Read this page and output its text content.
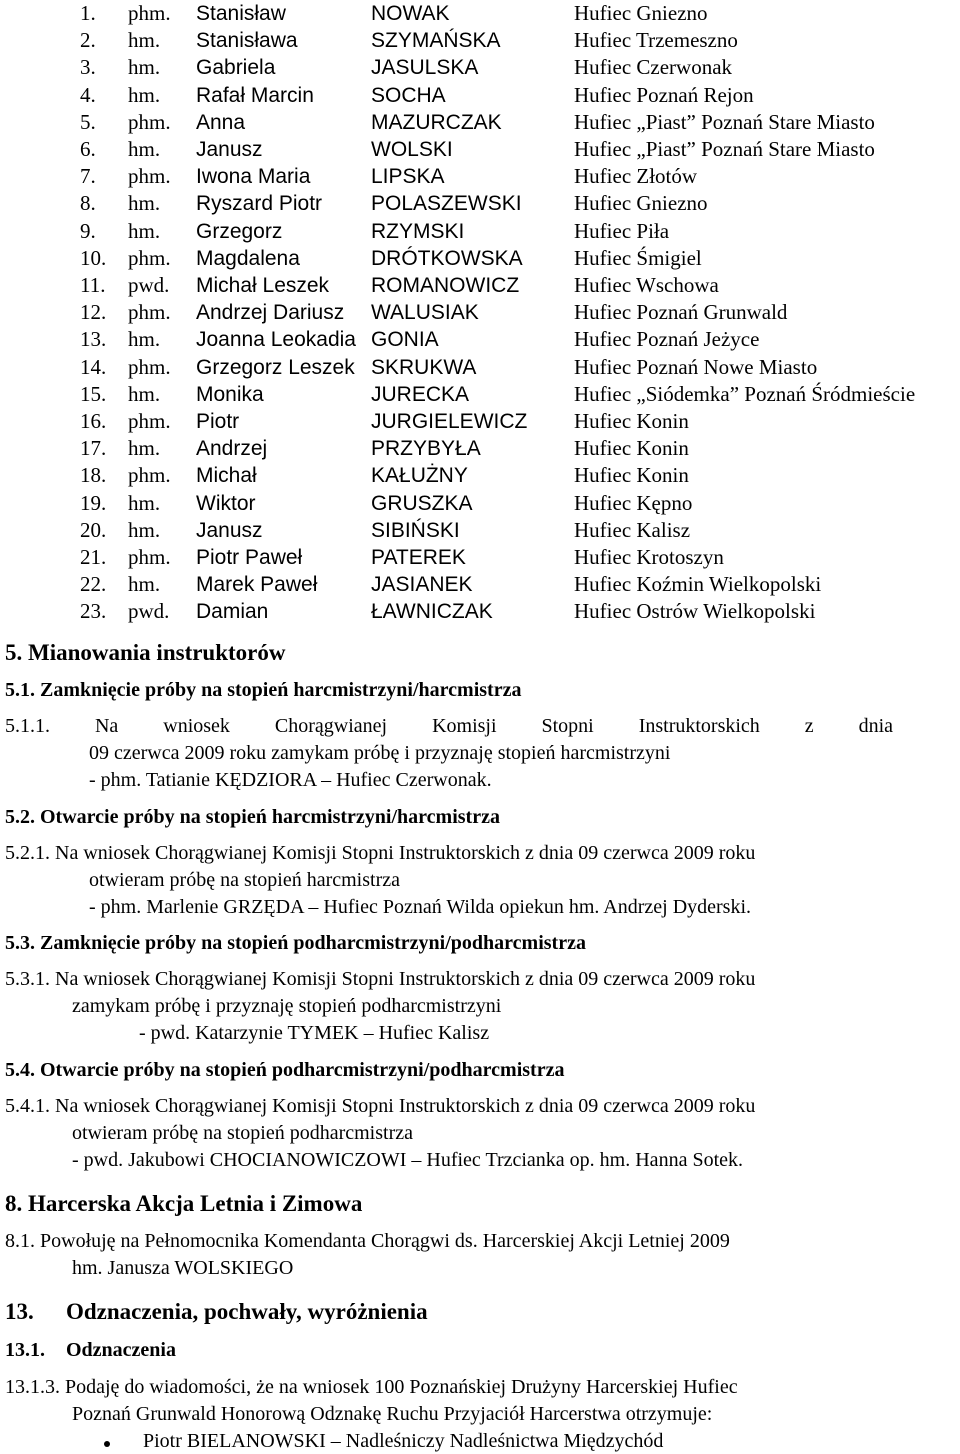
1. phm. Stanisław	NOWAK	Hufiec Gniezno
2. hm. Stanisława	SZYMAŃSKA	Hufiec Trzemeszno
3. hm. Gabriela	JASULSKA	Hufiec Czerwonak
4. hm. Rafał Marcin	SOCHA	Hufiec Poznań Rejon
5. phm. Anna	MAZURCZAK	Hufiec „Piast” Poznań Stare Miasto
6. hm. Janusz	WOLSKI	Hufiec „Piast” Poznań Stare Miasto
7. phm. Iwona Maria	LIPSKA	Hufiec Złotów
8. hm. Ryszard Piotr POLASZEWSKI Hufiec Gniezno
9. hm. Grzegorz	RZYMSKI	Hufiec Piła
10. phm. Magdalena	DRÓTKOWSKA Hufiec Śmigiel
11. pwd. Michał Leszek ROMANOWICZ	Hufiec Wschowa
12. phm. Andrzej Dariusz WALUSIAK	Hufiec Poznań Grunwald
13. hm. Joanna Leokadia GONIA	Hufiec Poznań Jeżyce
14. phm. Grzegorz Leszek SKRUKWA	Hufiec Poznań Nowe Miasto
15. hm. Monika	JURECKA	Hufiec „Siódemka” Poznań Śródmieście
16. phm. Piotr	JURGIELEWICZ Hufiec Konin
17. hm. Andrzej	PRZYBYŁA	Hufiec Konin
18. phm. Michał	KAŁUŻNY	Hufiec Konin
19. hm. Wiktor	GRUSZKA	Hufiec Kępno
20. hm. Janusz	SIBIŃSKI	Hufiec Kalisz
21. phm. Piotr Paweł	PATEREK	Hufiec Krotoszyn
22. hm. Marek Paweł	JASIANEK	Hufiec Koźmin Wielkopolski
23. pwd. Damian	ŁAWNICZAK	Hufiec Ostrów Wielkopolski
5. Mianowania instruktorów
5.1. Zamknięcie próby na stopień harcmistrzyni/harcmistrza
5.1.1. Na wniosek Chorągwianej Komisji Stopni Instruktorskich z dnia
09 czerwca 2009 roku zamykam próbę i przyznaję stopień harcmistrzyni
- phm. Tatianie KĘDZIORA – Hufiec Czerwonak.
5.2. Otwarcie próby na stopień harcmistrzyni/harcmistrza
5.2.1. Na wniosek Chorągwianej Komisji Stopni Instruktorskich z dnia 09 czerwca 2009 roku
otwieram próbę na stopień harcmistrza
- phm. Marlenie GRZĘDA – Hufiec Poznań Wilda opiekun hm. Andrzej Dyderski.
5.3. Zamknięcie próby na stopień podharcmistrzyni/podharcmistrza
5.3.1. Na wniosek Chorągwianej Komisji Stopni Instruktorskich z dnia 09 czerwca 2009 roku
zamykam próbę i przyznaję stopień podharcmistrzyni
- pwd. Katarzynie TYMEK – Hufiec Kalisz
5.4. Otwarcie próby na stopień podharcmistrzyni/podharcmistrza
5.4.1. Na wniosek Chorągwianej Komisji Stopni Instruktorskich z dnia 09 czerwca 2009 roku
otwieram próbę na stopień podharcmistrza
- pwd. Jakubowi CHOCIANOWICZOWI – Hufiec Trzcianka op. hm. Hanna Sotek.
8. Harcerska Akcja Letnia i Zimowa
8.1. Powołuję na Pełnomocnika Komendanta Chorągwi ds. Harcerskiej Akcji Letniej 2009
hm. Janusza WOLSKIEGO
13. Odznaczenia, pochwały, wyróżnienia
13.1. Odznaczenia
13.1.3. Podaję do wiadomości, że na wniosek 100 Poznańskiej Drużyny Harcerskiej Hufiec
Poznań Grunwald Honorową Odznakę Ruchu Przyjaciół Harcerstwa otrzymuje:
Piotr BIELANOWSKI – Nadleśniczy Nadleśnictwa Międzychód
